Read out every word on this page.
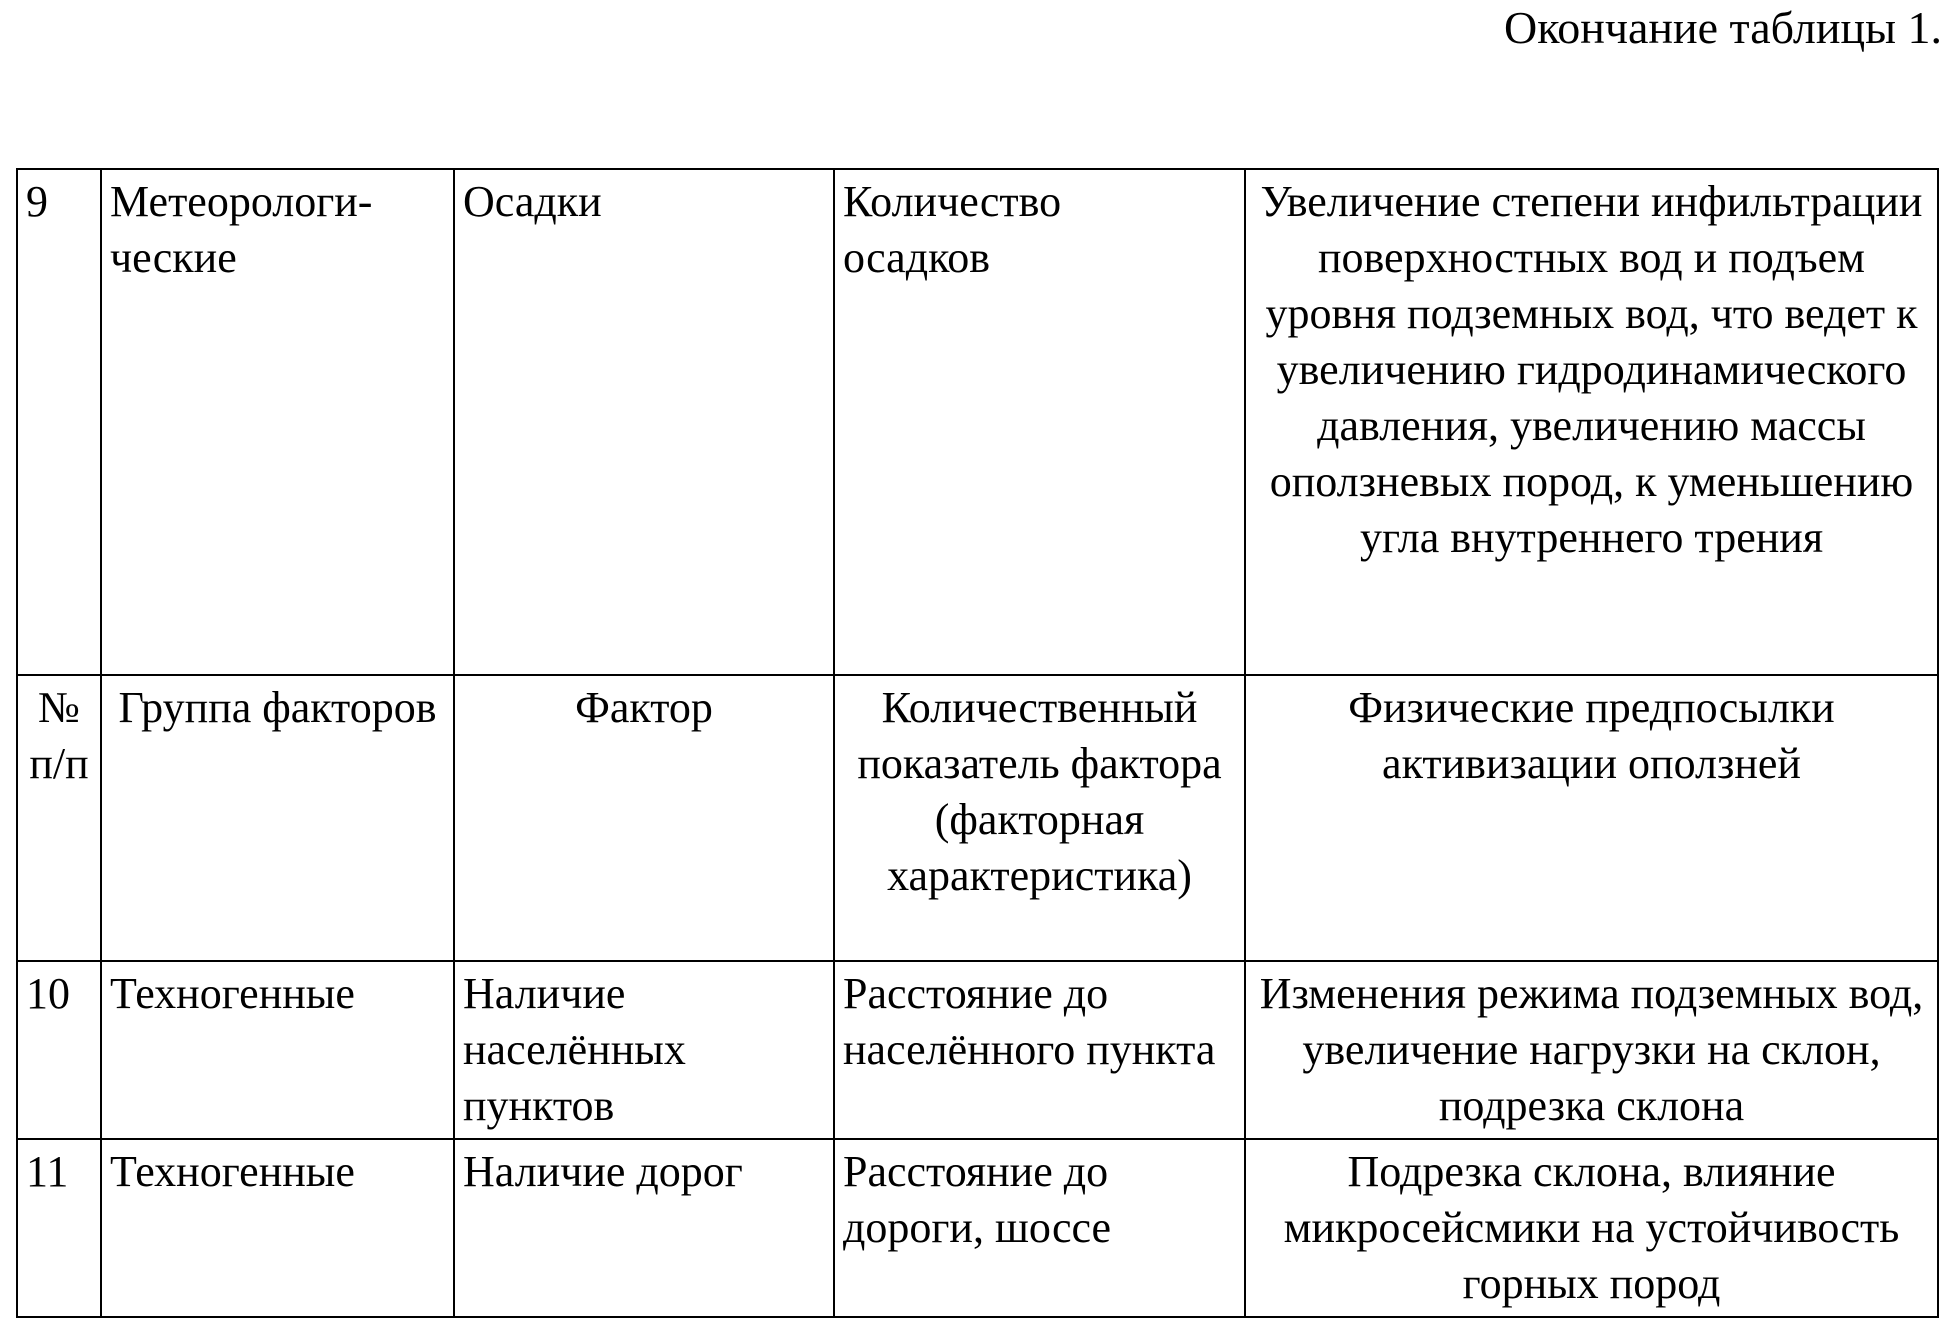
Окончание таблицы 1.
9	Метеорологи-
ческие

Осадки	Количество
осадков

Увеличение степени инфильтрации поверхностных вод и подъем уровня подземных вод, что ведет к увеличению гидродинамического давления, увеличению массы оползневых пород, к уменьшению угла внутреннего трения

№ п/п

Группа факторов	Фактор	Количественный показатель фактора (факторная характеристика)

Физические предпосылки активизации оползней

10	Техногенные	Наличие населённых пунктов

Расстояние до населённого пункта

Изменения режима подземных вод, увеличение нагрузки на склон, подрезка склона

11	Техногенные	Наличие дорог	Расстояние до дороги, шоссе

Подрезка склона, влияние микросейсмики на устойчивость горных пород
